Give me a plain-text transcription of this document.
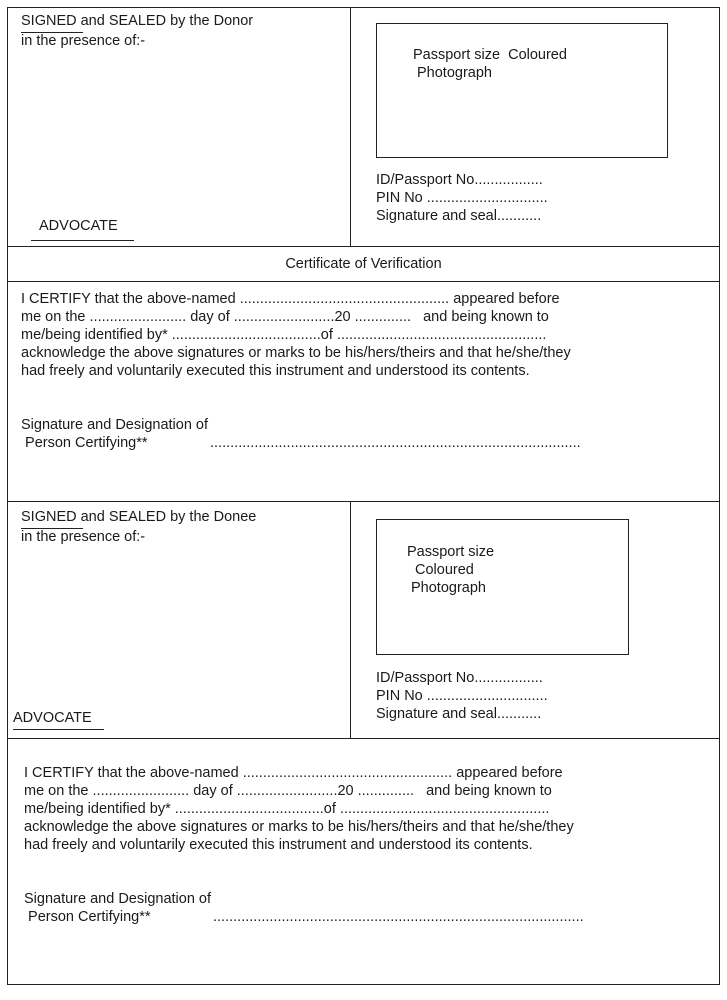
SIGNED and SEALED by the Donor
in the presence of:-
ADVOCATE
Passport size  Coloured
Photograph
ID/Passport No.................
PIN No ..............................
Signature and seal...........
Certificate of Verification
I CERTIFY that the above-named .................................................... appeared before
me on the ........................ day of .........................20 ..............   and being known to
me/being identified by* .....................................of ....................................................
acknowledge the above signatures or marks to be his/hers/theirs and that he/she/they
had freely and voluntarily executed this instrument and understood its contents.
Signature and Designation of
Person Certifying**	............................................................................................
SIGNED and SEALED by the Donee
in the presence of:-
ADVOCATE
Passport size
Coloured
Photograph
ID/Passport No.................
PIN No ..............................
Signature and seal...........
I CERTIFY that the above-named .................................................... appeared before
me on the ........................ day of .........................20 ..............   and being known to
me/being identified by* .....................................of ....................................................
acknowledge the above signatures or marks to be his/hers/theirs and that he/she/they
had freely and voluntarily executed this instrument and understood its contents.
Signature and Designation of
Person Certifying**	............................................................................................
